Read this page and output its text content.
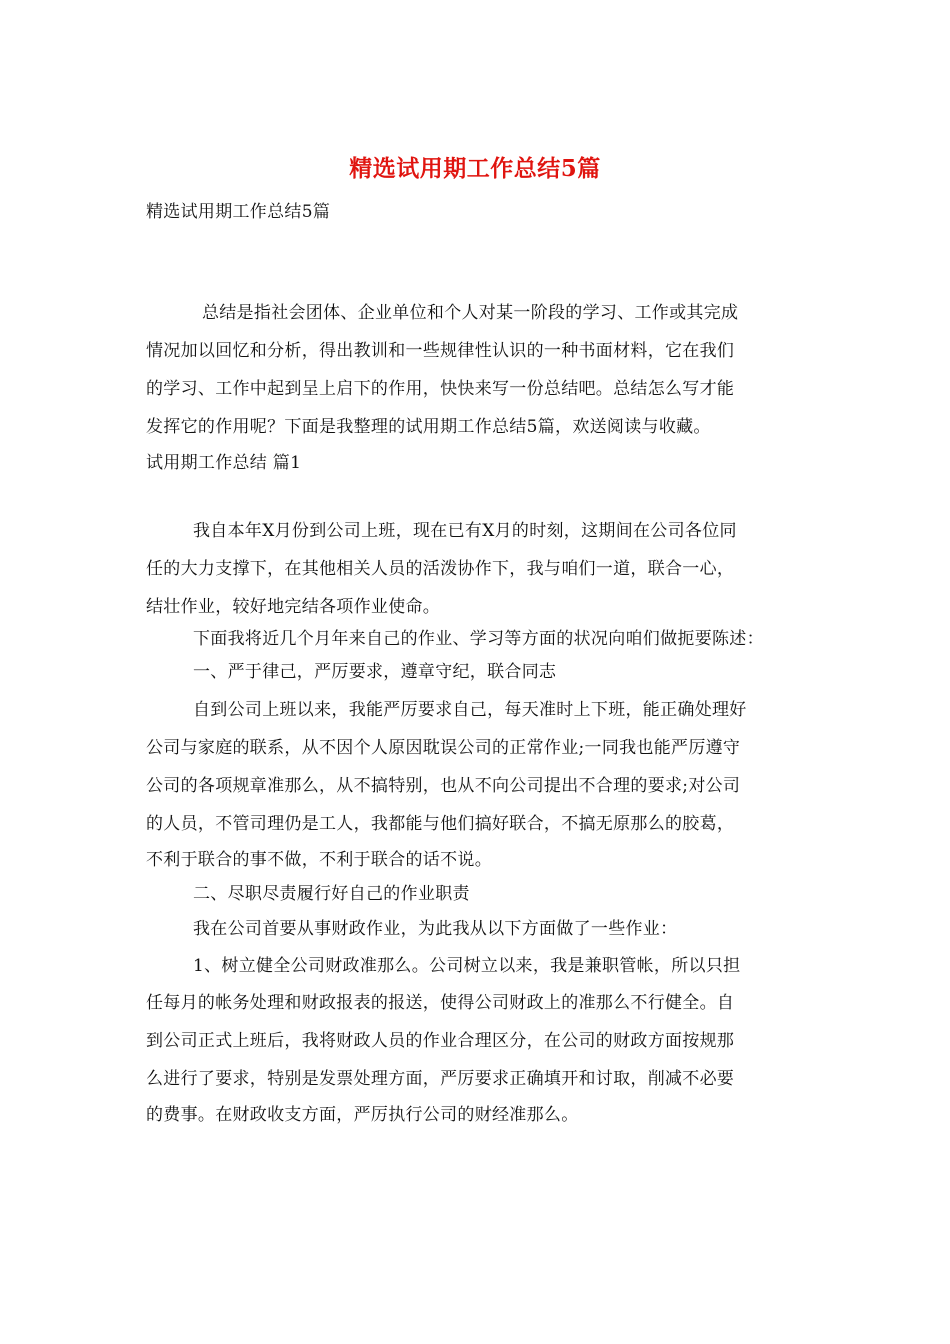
精选试用期工作总结5篇
精选试用期工作总结5篇
总结是指社会团体、企业单位和个人对某一阶段的学习、工作或其完成
情况加以回忆和分析，得出教训和一些规律性认识的一种书面材料，它在我们
的学习、工作中起到呈上启下的作用，快快来写一份总结吧。总结怎么写才能
发挥它的作用呢？下面是我整理的试用期工作总结5篇，欢送阅读与收藏。
试用期工作总结 篇1
我自本年X月份到公司上班，现在已有X月的时刻，这期间在公司各位同
任的大力支撑下，在其他相关人员的活泼协作下，我与咱们一道，联合一心，
结壮作业，较好地完结各项作业使命。
下面我将近几个月年来自己的作业、学习等方面的状况向咱们做扼要陈述：
一、严于律己，严厉要求，遵章守纪，联合同志
自到公司上班以来，我能严厉要求自己，每天准时上下班，能正确处理好
公司与家庭的联系，从不因个人原因耽误公司的正常作业;一同我也能严厉遵守
公司的各项规章准那么，从不搞特别，也从不向公司提出不合理的要求;对公司
的人员，不管司理仍是工人，我都能与他们搞好联合，不搞无原那么的胶葛，
不利于联合的事不做，不利于联合的话不说。
二、尽职尽责履行好自己的作业职责
我在公司首要从事财政作业，为此我从以下方面做了一些作业：
1、树立健全公司财政准那么。公司树立以来，我是兼职管帐，所以只担
任每月的帐务处理和财政报表的报送，使得公司财政上的准那么不行健全。自
到公司正式上班后，我将财政人员的作业合理区分，在公司的财政方面按规那
么进行了要求，特别是发票处理方面，严厉要求正确填开和讨取，削减不必要
的费事。在财政收支方面，严厉执行公司的财经准那么。
